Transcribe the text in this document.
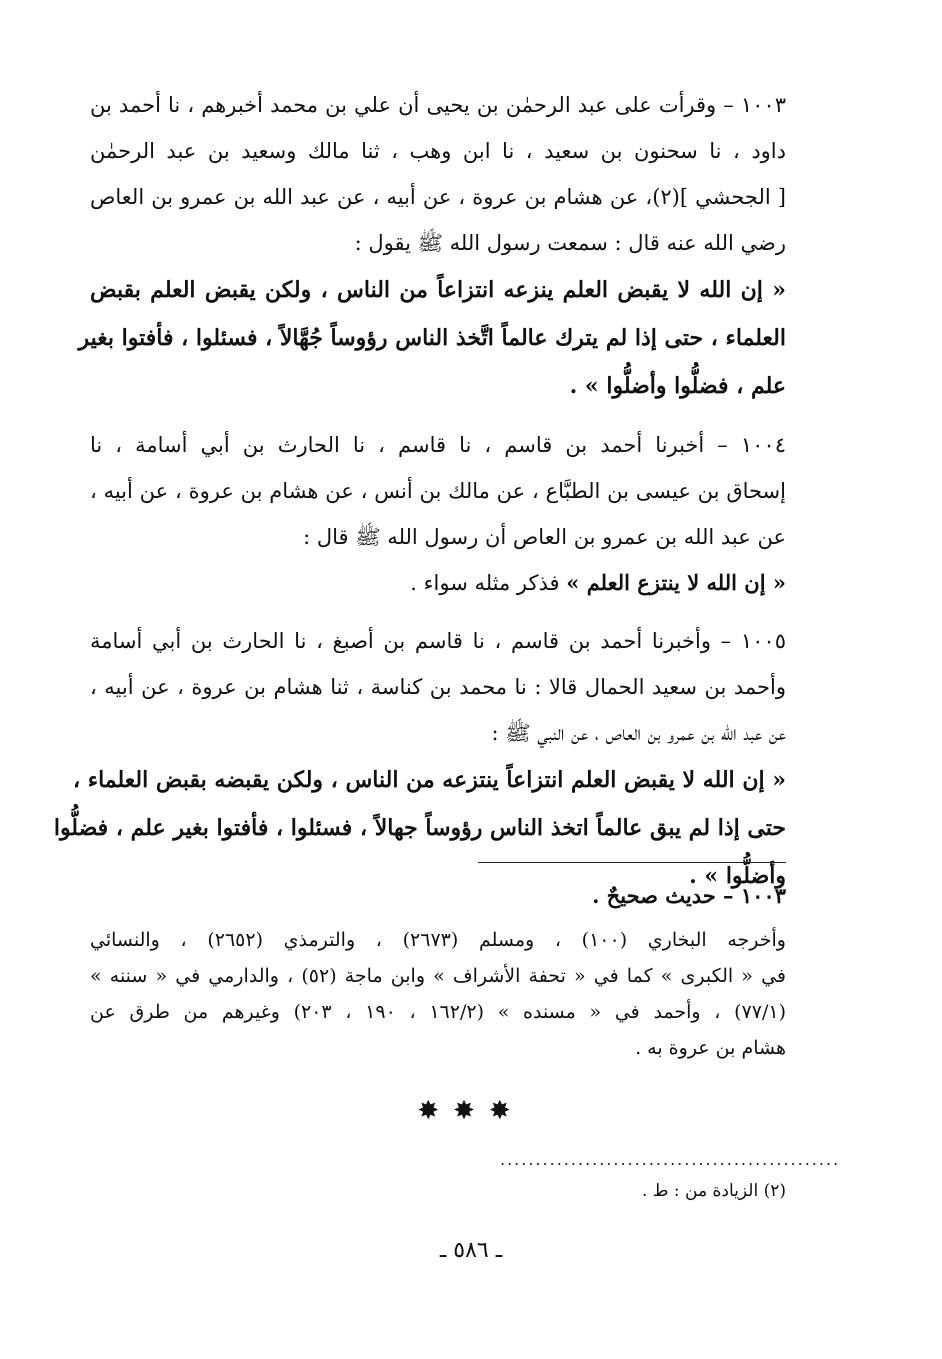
١٠٠٣ – وقرأت على عبد الرحمٰن بن يحيى أن علي بن محمد أخبرهم ، نا أحمد بن
داود ، نا سحنون بن سعيد ، نا ابن وهب ، ثنا مالك وسعيد بن عبد الرحمٰن
[ الجحشي ](٢)، عن هشام بن عروة ، عن أبيه ، عن عبد الله بن عمرو بن العاص
رضي الله عنه قال : سمعت رسول الله ﷺ يقول :
« إن الله لا يقبض العلم ينزعه انتزاعاً من الناس ، ولكن يقبض العلم بقبض
العلماء ، حتى إذا لم يترك عالماً اتَّخذ الناس رؤوساً جُهَّالاً ، فسئلوا ، فأفتوا بغير
علم ، فضلُّوا وأضلُّوا » .
١٠٠٤ – أخبرنا أحمد بن قاسم ، نا قاسم ، نا الحارث بن أبي أسامة ، نا
إسحاق بن عيسى بن الطبَّاع ، عن مالك بن أنس ، عن هشام بن عروة ، عن أبيه ،
عن عبد الله بن عمرو بن العاص أن رسول الله ﷺ قال :
« إن الله لا ينتزع العلم » فذكر مثله سواء .
١٠٠٥ – وأخبرنا أحمد بن قاسم ، نا قاسم بن أصبغ ، نا الحارث بن أبي أسامة
وأحمد بن سعيد الحمال قالا : نا محمد بن كناسة ، ثنا هشام بن عروة ، عن أبيه ،
عن عبد الله بن عمرو بن العاص ، عن النبي ﷺ :
« إن الله لا يقبض العلم انتزاعاً ينتزعه من الناس ، ولكن يقبضه بقبض العلماء ،
حتى إذا لم يبق عالماً اتخذ الناس رؤوساً جهالاً ، فسئلوا ، فأفتوا بغير علم ، فضلُّوا
وأضلُّوا » .
١٠٠٣ – حديث صحيحٌ .
وأخرجه البخاري (١٠٠) ، ومسلم (٢٦٧٣) ، والترمذي (٢٦٥٢) ، والنسائي
في « الكبرى » كما في « تحفة الأشراف » وابن ماجة (٥٢) ، والدارمي في « سننه »
(٧٧/١) ، وأحمد في « مسنده » (١٦٢/٢ ، ١٩٠ ، ٢٠٣) وغيرهم من طرق عن
هشام بن عروة به .
✸✸✸
................................................
(٢) الزيادة من : ط .
ـ ٥٨٦ ـ
